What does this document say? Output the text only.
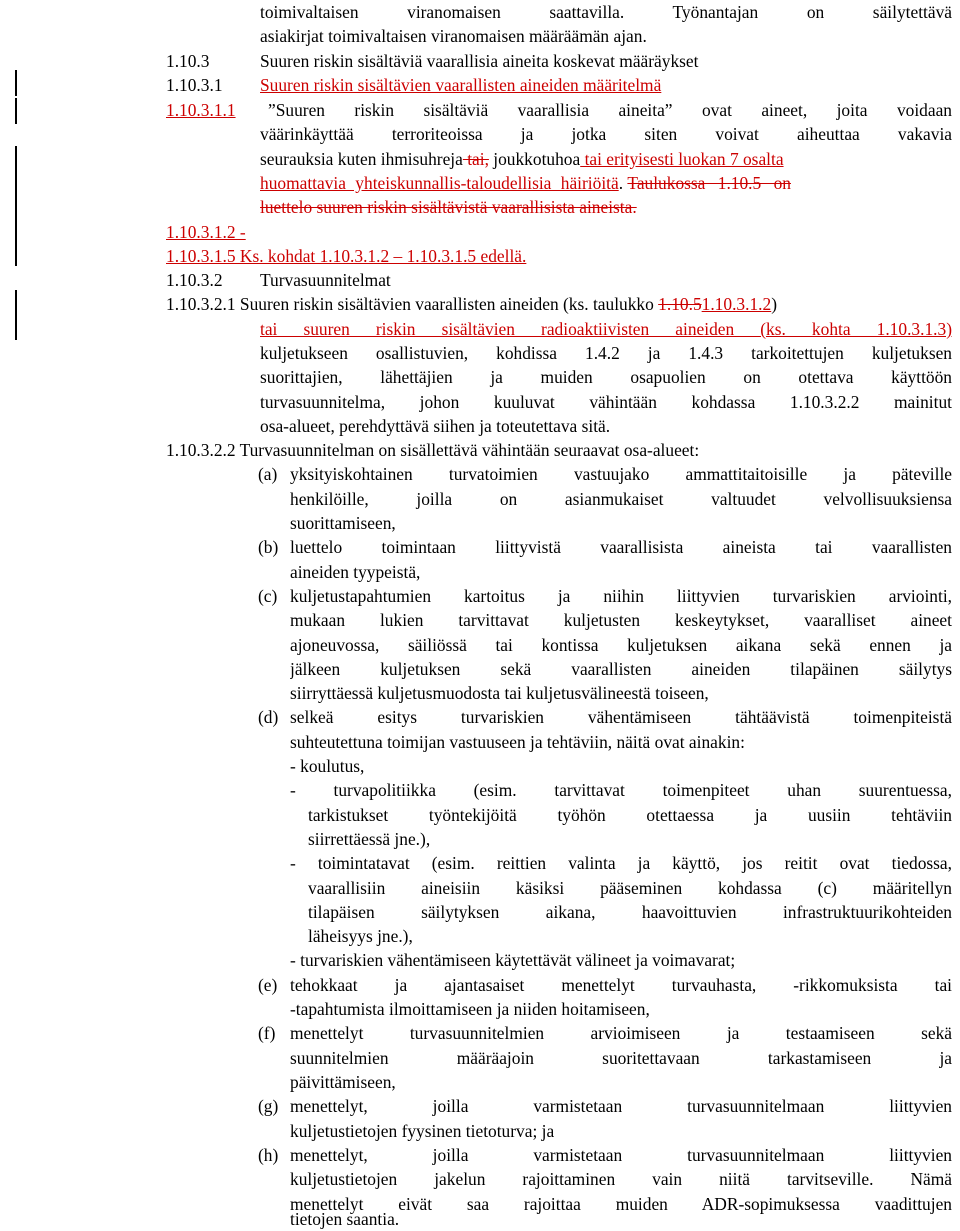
toimivaltaisen viranomaisen saattavilla. Työnantajan on säilytettävä
asiakirjat toimivaltaisen viranomaisen määräämän ajan.
1.10.3	Suuren riskin sisältäviä vaarallisia aineita koskevat määräykset
1.10.3.1 Suuren riskin sisältävien vaarallisten aineiden määritelmä
1.10.3.1.1 ”Suuren riskin sisältäviä vaarallisia aineita” ovat aineet, joita voidaan
väärinkäyttää terroriteoissa ja jotka siten voivat aiheuttaa vakavia
seurauksia kuten ihmisuhreja tai, joukkotuhoa tai erityisesti luokan 7 osalta
huomattavia yhteiskunnallis-taloudellisia häiriöitä. Taulukossa 1.10.5 on
luettelo suuren riskin sisältävistä vaarallisista aineista.
1.10.3.1.2 -
1.10.3.1.5 Ks. kohdat 1.10.3.1.2 – 1.10.3.1.5 edellä.
1.10.3.2 Turvasuunnitelmat
1.10.3.2.1 Suuren riskin sisältävien vaarallisten aineiden (ks. taulukko 1.10.51.10.3.1.2)
tai suuren riskin sisältävien radioaktiivisten aineiden (ks. kohta 1.10.3.1.3)
kuljetukseen osallistuvien, kohdissa 1.4.2 ja 1.4.3 tarkoitettujen kuljetuksen
suorittajien, lähettäjien ja muiden osapuolien on otettava käyttöön
turvasuunnitelma, johon kuuluvat vähintään kohdassa 1.10.3.2.2 mainitut
osa-alueet, perehdyttävä siihen ja toteutettava sitä.
1.10.3.2.2 Turvasuunnitelman on sisällettävä vähintään seuraavat osa-alueet:
(a) yksityiskohtainen turvatoimien vastuujako ammattitaitoisille ja päteville
henkilöille, joilla on asianmukaiset valtuudet velvollisuuksiensa
suorittamiseen,
(b) luettelo toimintaan liittyvistä vaarallisista aineista tai vaarallisten
aineiden tyypeistä,
(c) kuljetustapahtumien kartoitus ja niihin liittyvien turvariskien arviointi,
mukaan lukien tarvittavat kuljetusten keskeytykset, vaaralliset aineet
ajoneuvossa, säiliössä tai kontissa kuljetuksen aikana sekä ennen ja
jälkeen kuljetuksen sekä vaarallisten aineiden tilapäinen säilytys
siirryttäessä kuljetusmuodosta tai kuljetusvälineestä toiseen,
(d) selkeä esitys turvariskien vähentämiseen tähtäävistä toimenpiteistä
suhteutettuna toimijan vastuuseen ja tehtäviin, näitä ovat ainakin:
- koulutus,
- turvapolitiikka (esim. tarvittavat toimenpiteet uhan suurentuessa,
tarkistukset työntekijöitä työhön otettaessa ja uusiin tehtäviin
siirrettäessä jne.),
- toimintatavat (esim. reittien valinta ja käyttö, jos reitit ovat tiedossa,
vaarallisiin aineisiin käsiksi pääseminen kohdassa (c) määritellyn
tilapäisen säilytyksen aikana, haavoittuvien infrastruktuurikohteiden
läheisyys jne.),
- turvariskien vähentämiseen käytettävät välineet ja voimavarat;
(e) tehokkaat ja ajantasaiset menettelyt turvauhasta, -rikkomuksista tai
-tapahtumista ilmoittamiseen ja niiden hoitamiseen,
(f) menettelyt turvasuunnitelmien arvioimiseen ja testaamiseen sekä
suunnitelmien määräajoin suoritettavaan tarkastamiseen ja
päivittämiseen,
(g) menettelyt, joilla varmistetaan turvasuunnitelmaan liittyvien
kuljetustietojen fyysinen tietoturva; ja
(h) menettelyt, joilla varmistetaan turvasuunnitelmaan liittyvien
kuljetustietojen jakelun rajoittaminen vain niitä tarvitseville. Nämä
menettelyt eivät saa rajoittaa muiden ADR-sopimuksessa vaadittujen
tietojen saantia.
